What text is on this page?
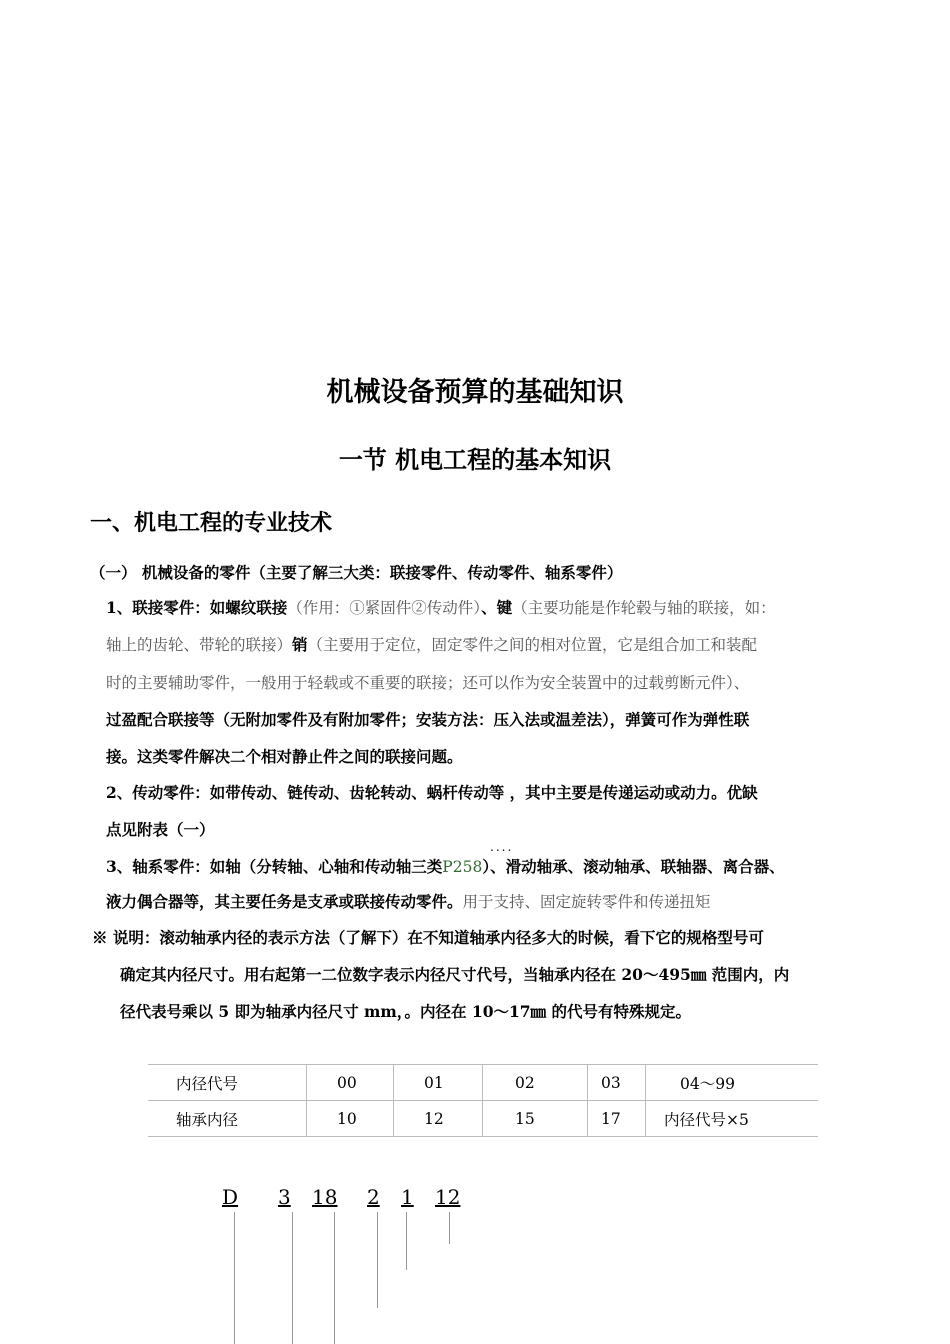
机械设备预算的基础知识
一节 机电工程的基本知识
一、机电工程的专业技术
（一） 机械设备的零件（主要了解三大类：联接零件、传动零件、轴系零件）
1、联接零件：如螺纹联接（作用：①紧固件②传动件）、键（主要功能是作轮毂与轴的联接，如：
轴上的齿轮、带轮的联接）销（主要用于定位，固定零件之间的相对位置，它是组合加工和装配
时的主要辅助零件，一般用于轻载或不重要的联接；还可以作为安全装置中的过载剪断元件）、
过盈配合联接等（无附加零件及有附加零件；安装方法：压入法或温差法），弹簧可作为弹性联
接。这类零件解决二个相对静止件之间的联接问题。
2、传动零件：如带传动、链传动、齿轮转动、蜗杆传动等 ，其中主要是传递运动或动力。优缺
点见附表（一）
....
3、轴系零件：如轴（分转轴、心轴和传动轴三类P258）、滑动轴承、滚动轴承、联轴器、离合器、
液力偶合器等，其主要任务是支承或联接传动零件。用于支持、固定旋转零件和传递扭矩
※ 说明：滚动轴承内径的表示方法（了解下）在不知道轴承内径多大的时候，看下它的规格型号可
确定其内径尺寸。用右起第一二位数字表示内径尺寸代号，当轴承内径在 20～495㎜ 范围内，内
径代表号乘以 5 即为轴承内径尺寸 mm，。内径在 10～17㎜ 的代号有特殊规定。
内径代号	00	01	02	03	04～99
轴承内径	10	12	15	17	内径代号×5
D 3 18 2 1 12
